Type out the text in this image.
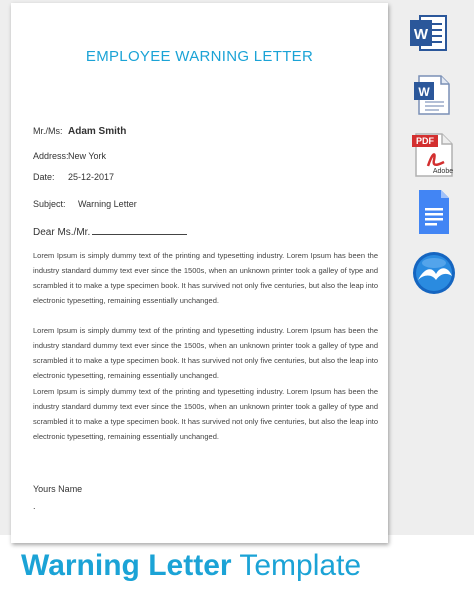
EMPLOYEE WARNING LETTER
Mr./Ms: Adam Smith
Address: New York
Date: 25-12-2017
Subject: Warning Letter
Dear Ms./Mr.
Lorem Ipsum is simply dummy text of the printing and typesetting industry. Lorem Ipsum has been the industry standard dummy text ever since the 1500s, when an unknown printer took a galley of type and scrambled it to make a type specimen book. It has survived not only five centuries, but also the leap into electronic typesetting, remaining essentially unchanged.
Lorem Ipsum is simply dummy text of the printing and typesetting industry. Lorem Ipsum has been the industry standard dummy text ever since the 1500s, when an unknown printer took a galley of type and scrambled it to make a type specimen book. It has survived not only five centuries, but also the leap into electronic typesetting, remaining essentially unchanged.
Lorem Ipsum is simply dummy text of the printing and typesetting industry. Lorem Ipsum has been the industry standard dummy text ever since the 1500s, when an unknown printer took a galley of type and scrambled it to make a type specimen book. It has survived not only five centuries, but also the leap into electronic typesetting, remaining essentially unchanged.
Yours Name
.
W
W
PDF
Adobe
Warning Letter Template
